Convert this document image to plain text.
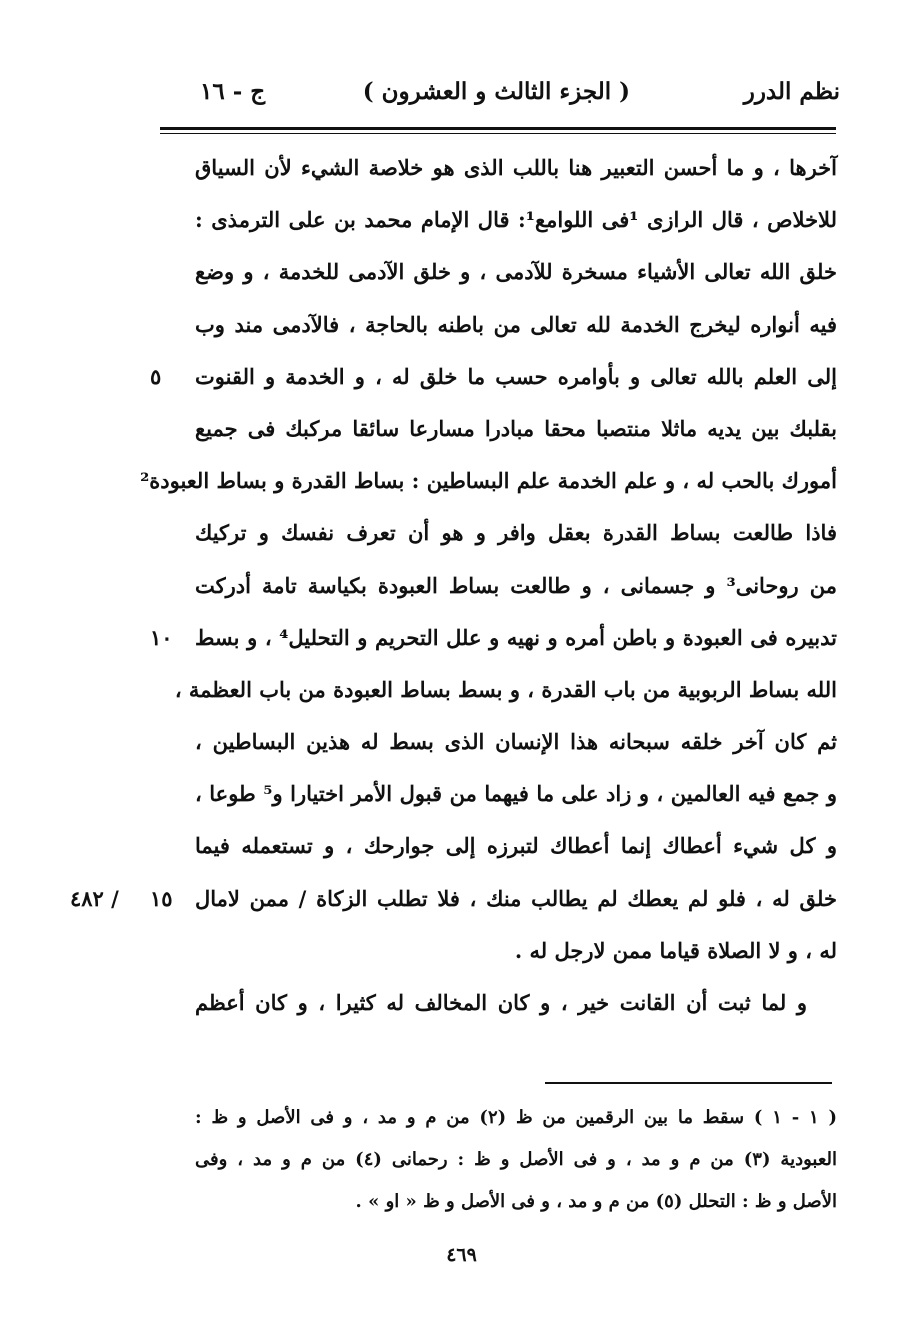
نظم الدرر
( الجزء الثالث و العشرون )
ج - ١٦
آخرها ، و ما أحسن التعبير هنا باللب الذى هو خلاصة الشيء لأن السياق
للاخلاص ، قال الرازى ¹فى اللوامع¹: قال الإمام محمد بن على الترمذى :
خلق الله تعالى الأشياء مسخرة للآدمى ، و خلق الآدمى للخدمة ، و وضع
فيه أنواره ليخرج الخدمة لله تعالى من باطنه بالحاجة ، فالآدمى مند وب
إلى العلم بالله تعالى و بأوامره حسب ما خلق له ، و الخدمة و القنوت
٥
بقلبك بين يديه ماثلا منتصبا محقا مبادرا مسارعا سائقا مركبك فى جميع
أمورك بالحب له ، و علم الخدمة علم البساطين : بساط القدرة و بساط العبودة²
فاذا طالعت بساط القدرة بعقل وافر و هو أن تعرف نفسك و تركيك
من روحانى³ و جسمانى ، و طالعت بساط العبودة بكياسة تامة أدركت
تدبيره فى العبودة و باطن أمره و نهيه و علل التحريم و التحليل⁴ ، و بسط
١٠
الله بساط الربوبية من باب القدرة ، و بسط بساط العبودة من باب العظمة ،
ثم كان آخر خلقه سبحانه هذا الإنسان الذى بسط له هذين البساطين ،
و جمع فيه العالمين ، و زاد على ما فيهما من قبول الأمر اختيارا و⁵ طوعا ،
و كل شيء أعطاك إنما أعطاك لتبرزه إلى جوارحك ، و تستعمله فيما
خلق له ، فلو لم يعطك لم يطالب منك ، فلا تطلب الزكاة / ممن لامال
١٥
٤٨٢ /
له ، و لا الصلاة قياما ممن لارجل له .
و لما ثبت أن القانت خير ، و كان المخالف له كثيرا ، و كان أعظم
( ١ - ١ ) سقط ما بين الرقمين من ظ (٢) من م و مد ، و فى الأصل و ظ :
العبودية (٣) من م و مد ، و فى الأصل و ظ : رحمانى (٤) من م و مد ، وفى
الأصل و ظ : التحلل (٥) من م و مد ، و فى الأصل و ظ « او » .
٤٦٩
